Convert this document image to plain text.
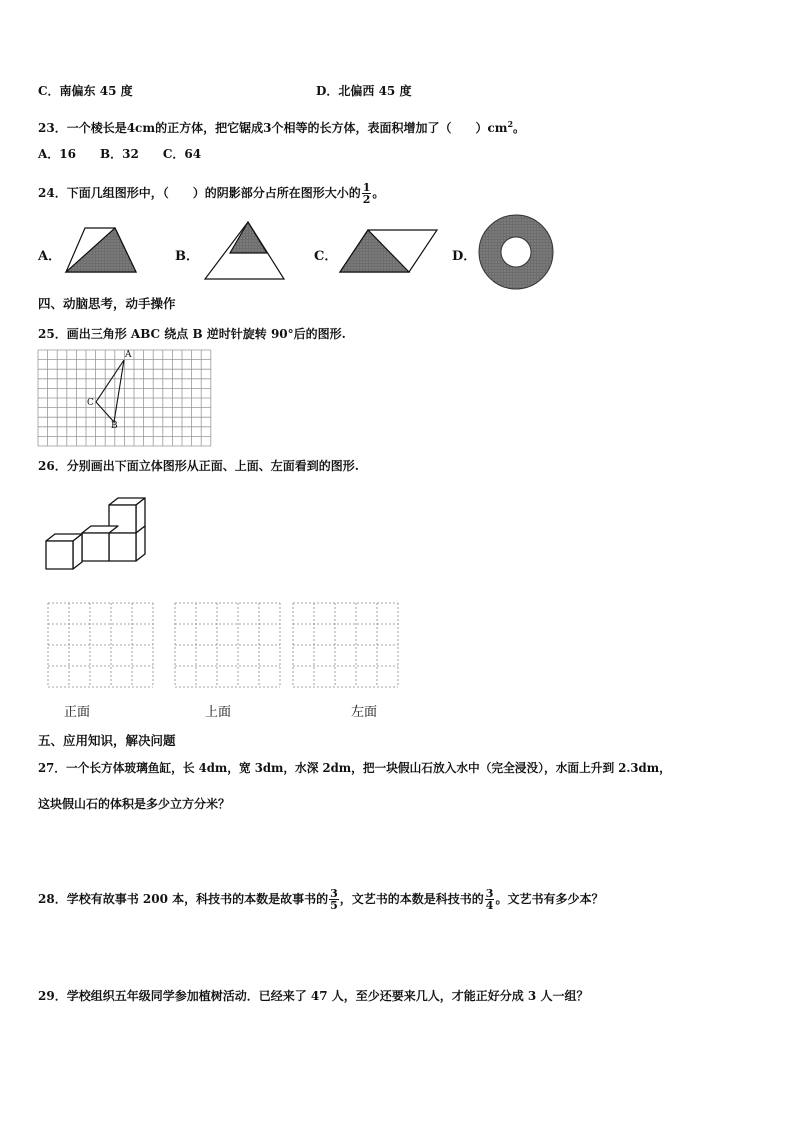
C．南偏东 45 度	D．北偏西 45 度
23．一个棱长是4cm的正方体，把它锯成3个相等的长方体，表面积增加了（　　）$cm^2$。
A．16　　B．32　　C．64
24．下面几组图形中，（　　）的阴影部分占所在图形大小的 $\frac{1}{2}$ 。
A．	B．	C．	D．
四、动脑思考，动手操作
25．画出三角形 ABC 绕点 B 逆时针旋转 90°后的图形.
A
B
C
26．分别画出下面立体图形从正面、上面、左面看到的图形.
正面	上面	左面
五、应用知识，解决问题
27．一个长方体玻璃鱼缸，长 4dm，宽 3dm，水深 2dm，把一块假山石放入水中（完全浸没），水面上升到 2.3dm，
这块假山石的体积是多少立方分米？
28．学校有故事书 200 本，科技书的本数是故事书的 $\frac{3}{5}$ ，文艺书的本数是科技书的 $\frac{3}{4}$ 。文艺书有多少本？
29．学校组织五年级同学参加植树活动．已经来了 47 人，至少还要来几人，才能正好分成 3 人一组？
